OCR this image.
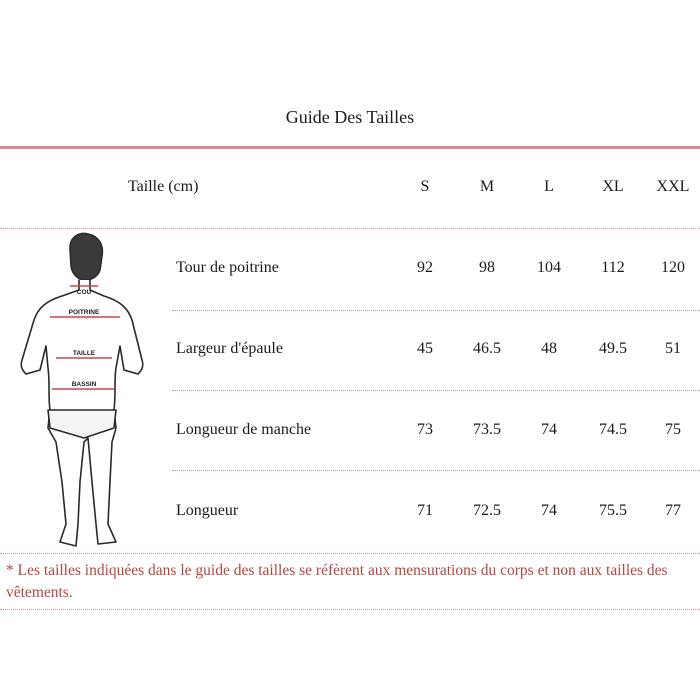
Guide Des Tailles
Taille (cm)	S	M	L	XL	XXL
COU
POITRINE
TAILLE
BASSIN
Tour de poitrine	92	98	104	112	120
Largeur d'épaule	45	46.5	48	49.5	51
Longueur de manche	73	73.5	74	74.5	75
Longueur	71	72.5	74	75.5	77
* Les tailles indiquées dans le guide des tailles se réfèrent aux mensurations du corps et non aux tailles des vêtements.
